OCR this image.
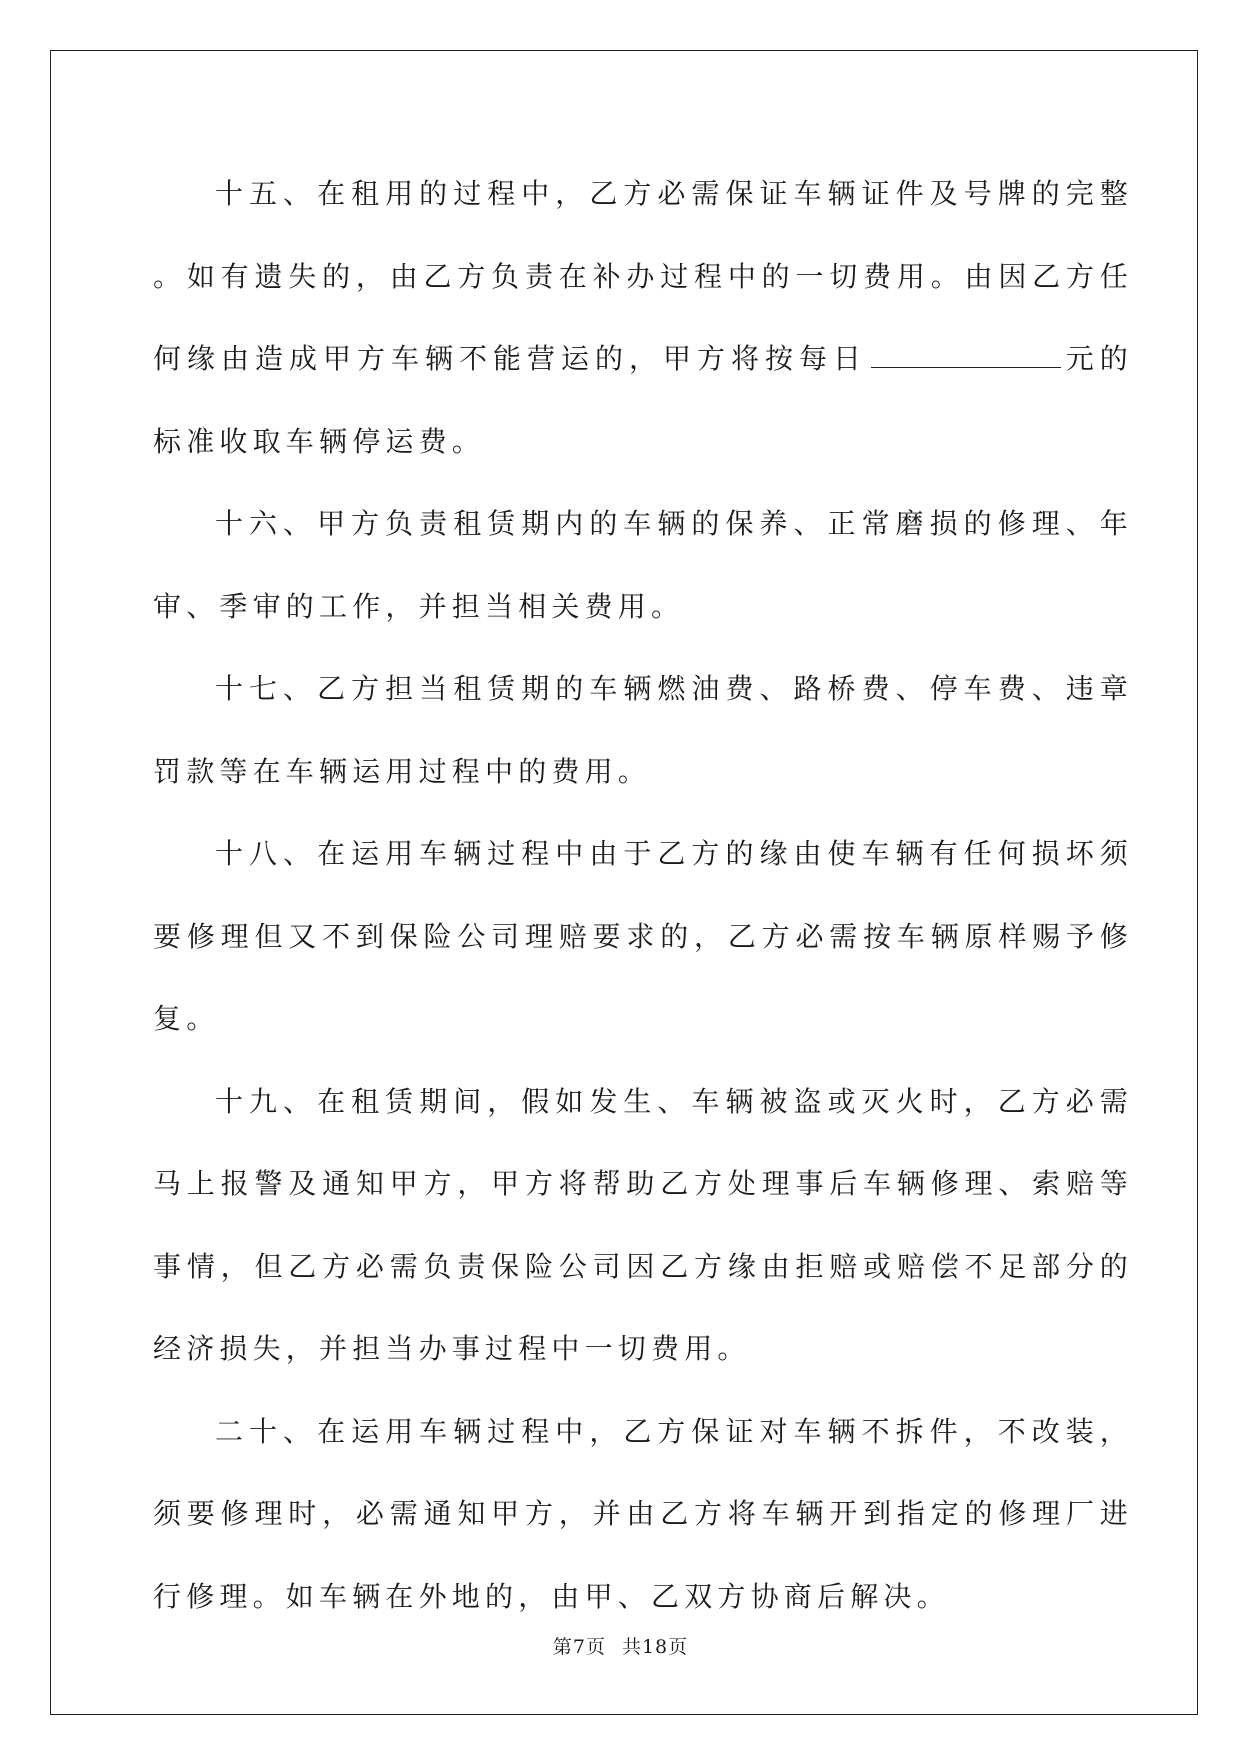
十五、在租用的过程中，乙方必需保证车辆证件及号牌的完整。如有遗失的，由乙方负责在补办过程中的一切费用。由因乙方任何缘由造成甲方车辆不能营运的，甲方将按每日	元的标准收取车辆停运费。

十六、甲方负责租赁期内的车辆的保养、正常磨损的修理、年审、季审的工作，并担当相关费用。

十七、乙方担当租赁期的车辆燃油费、路桥费、停车费、违章罚款等在车辆运用过程中的费用。

十八、在运用车辆过程中由于乙方的缘由使车辆有任何损坏须要修理但又不到保险公司理赔要求的，乙方必需按车辆原样赐予修复。

十九、在租赁期间，假如发生、车辆被盗或灭火时，乙方必需马上报警及通知甲方，甲方将帮助乙方处理事后车辆修理、索赔等事情，但乙方必需负责保险公司因乙方缘由拒赔或赔偿不足部分的经济损失，并担当办事过程中一切费用。

二十、在运用车辆过程中，乙方保证对车辆不拆件，不改装，须要修理时，必需通知甲方，并由乙方将车辆开到指定的修理厂进行修理。如车辆在外地的，由甲、乙双方协商后解决。

第7页 共18页
